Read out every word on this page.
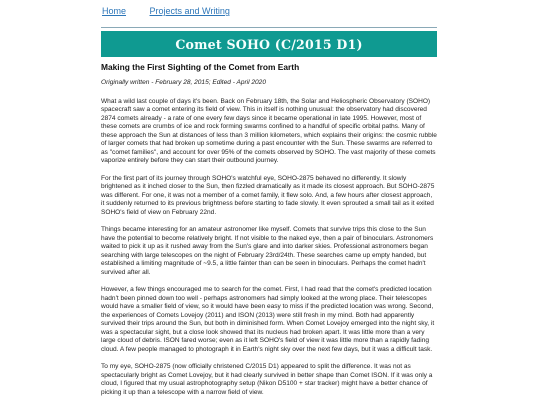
Home	Projects and Writing
Comet SOHO (C/2015 D1)
Making the First Sighting of the Comet from Earth

Originally written - February 28, 2015; Edited - April 2020

What a wild last couple of days it's been. Back on February 18th, the Solar and Heliospheric Observatory (SOHO) spacecraft saw a comet entering its field of view. This in itself is nothing unusual: the observatory had discovered 2874 comets already - a rate of one every few days since it became operational in late 1995. However, most of these comets are crumbs of ice and rock forming swarms confined to a handful of specific orbital paths. Many of these approach the Sun at distances of less than 3 million kilometers, which explains their origins: the cosmic rubble of larger comets that had broken up sometime during a past encounter with the Sun. These swarms are referred to as "comet families", and account for over 95% of the comets observed by SOHO. The vast majority of these comets vaporize entirely before they can start their outbound journey.

For the first part of its journey through SOHO's watchful eye, SOHO-2875 behaved no differently. It slowly brightened as it inched closer to the Sun, then fizzled dramatically as it made its closest approach. But SOHO-2875 was different. For one, it was not a member of a comet family, it flew solo. And, a few hours after closest approach, it suddenly returned to its previous brightness before starting to fade slowly. It even sprouted a small tail as it exited SOHO's field of view on February 22nd.

Things became interesting for an amateur astronomer like myself. Comets that survive trips this close to the Sun have the potential to become relatively bright. If not visible to the naked eye, then a pair of binoculars. Astronomers waited to pick it up as it rushed away from the Sun's glare and into darker skies. Professional astronomers began searching with large telescopes on the night of February 23rd/24th. These searches came up empty handed, but established a limiting magnitude of ~9.5, a little fainter than can be seen in binoculars. Perhaps the comet hadn't survived after all.

However, a few things encouraged me to search for the comet. First, I had read that the comet's predicted location hadn't been pinned down too well - perhaps astronomers had simply looked at the wrong place. Their telescopes would have a smaller field of view, so it would have been easy to miss if the predicted location was wrong. Second, the experiences of Comets Lovejoy (2011) and ISON (2013) were still fresh in my mind. Both had apparently survived their trips around the Sun, but both in diminished form. When Comet Lovejoy emerged into the night sky, it was a spectacular sight, but a close look showed that its nucleus had broken apart. It was little more than a very large cloud of debris. ISON fared worse; even as it left SOHO's field of view it was little more than a rapidly fading cloud. A few people managed to photograph it in Earth's night sky over the next few days, but it was a difficult task.

To my eye, SOHO-2875 (now officially christened C/2015 D1) appeared to split the difference. It was not as spectacularly bright as Comet Lovejoy, but it had clearly survived in better shape than Comet ISON. If it was only a cloud, I figured that my usual astrophotography setup (Nikon D5100 + star tracker) might have a better chance of picking it up than a telescope with a narrow field of view.
